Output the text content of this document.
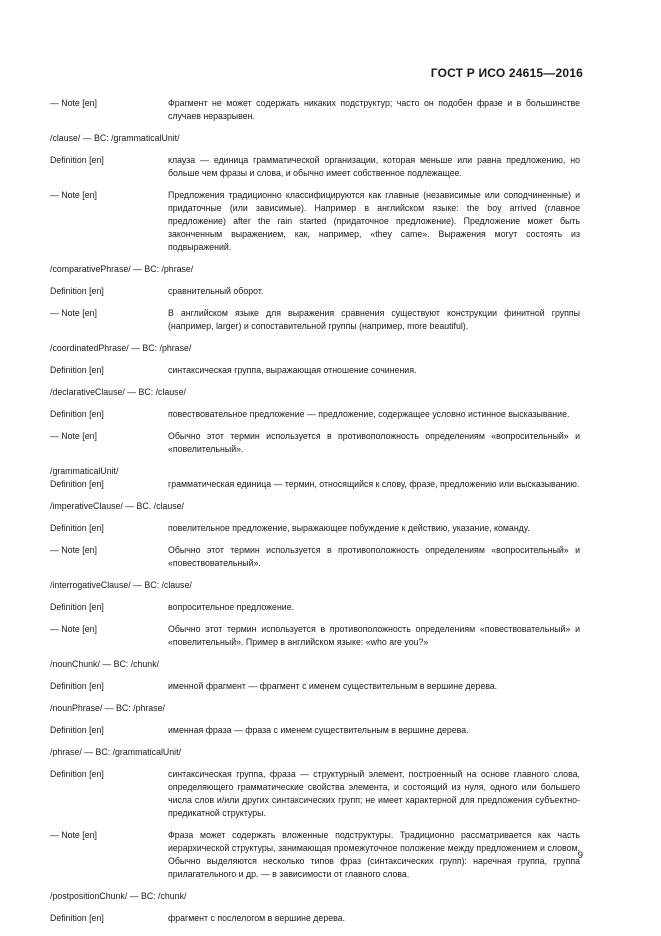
ГОСТ Р ИСО 24615—2016
— Note [en]	Фрагмент не может содержать никаких подструктур; часто он подобен фразе и в большинстве случаев неразрывен.
/clause/ — BC: /grammaticalUnit/
Definition [en]	клауза — единица грамматической организации, которая меньше или равна предложению, но больше чем фразы и слова, и обычно имеет собственное подлежащее.
— Note [en]	Предложения традиционно классифицируются как главные (независимые или соподчиненные) и придаточные (или зависимые). Например в английском языке: the boy arrived (главное предложение) after the rain started (придаточное предложение). Предложение может быть законченным выражением, как, например, «they came». Выражения могут состоять из подвыражений.
/comparativePhrase/ — BC: /phrase/
Definition [en]	сравнительный оборот.
— Note [en]	В английском языке для выражения сравнения существуют конструкции финитной группы (например, larger) и сопоставительной группы (например, more beautiful).
/coordinatedPhrase/ — BC: /phrase/
Definition [en]	синтаксическая группа, выражающая отношение сочинения.
/declarativeClause/ — BC: /clause/
Definition [en]	повествовательное предложение — предложение, содержащее условно истинное высказывание.
— Note [en]	Обычно этот термин используется в противоположность определениям «вопросительный» и «повелительный».
/grammaticalUnit/
Definition [en]	грамматическая единица — термин, относящийся к слову, фразе, предложению или высказыванию.
/imperativeClause/ — BC. /clause/
Definition [en]	повелительное предложение, выражающее побуждение к действию, указание, команду.
— Note [en]	Обычно этот термин используется в противоположность определениям «вопросительный» и «повествовательный».
/interrogativeClause/ — BC: /clause/
Definition [en]	вопросительное предложение.
— Note [en]	Обычно этот термин используется в противоположность определениям «повествовательный» и «повелительный». Пример в английском языке: «who are you?»
/nounChunk/ — BC: /chunk/
Definition [en]	именной фрагмент — фрагмент с именем существительным в вершине дерева.
/nounPhrase/ — BC: /phrase/
Definition [en]	именная фраза — фраза с именем существительным в вершине дерева.
/phrase/ — BC: /grammaticalUnit/
Definition [en]	синтаксическая группа, фраза — структурный элемент, построенный на основе главного слова, определяющего грамматические свойства элемента, и состоящий из нуля, одного или большего числа слов и/или других синтаксических групп; не имеет характерной для предложения субъектно-предикатной структуры.
— Note [en]	Фраза может содержать вложенные подструктуры. Традиционно рассматривается как часть иерархической структуры, занимающая промежуточное положение между предложением и словом. Обычно выделяются несколько типов фраз (синтаксических групп): наречная группа, группа прилагательного и др. — в зависимости от главного слова.
/postpositionChunk/ — BC: /chunk/
Definition [en]	фрагмент с послелогом в вершине дерева.
9
